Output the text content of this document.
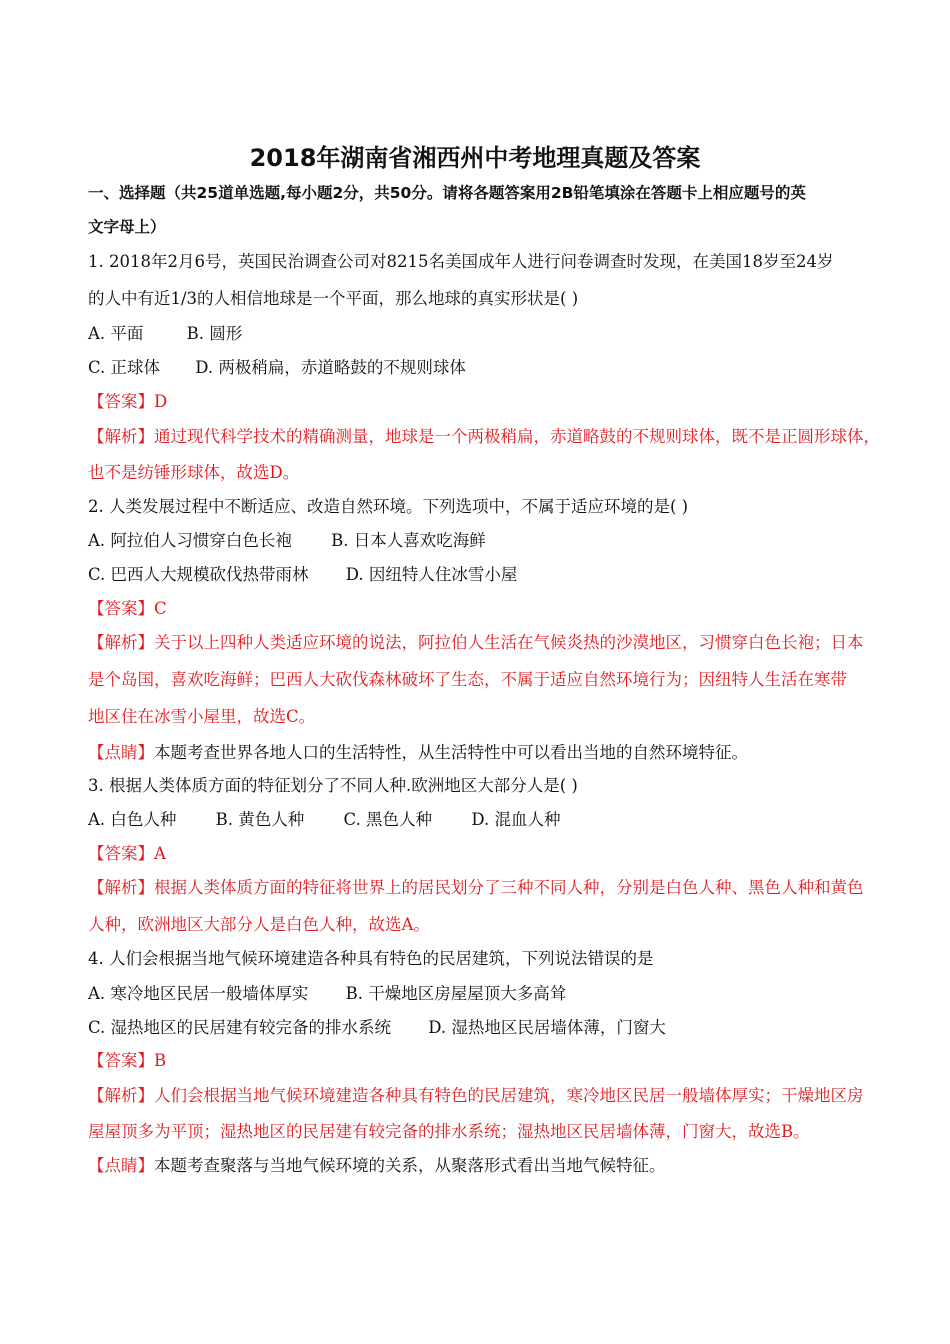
2018年湖南省湘西州中考地理真题及答案
一、选择题（共25道单选题,每小题2分，共50分。请将各题答案用2B铅笔填涂在答题卡上相应题号的英
文字母上）
1. 2018年2月6号，英国民治调查公司对8215名美国成年人进行问卷调查时发现，在美国18岁至24岁
的人中有近1/3的人相信地球是一个平面，那么地球的真实形状是( )
A. 平面	B. 圆形
C. 正球体 D. 两极稍扁，赤道略鼓的不规则球体
【答案】D
【解析】通过现代科学技术的精确测量，地球是一个两极稍扁，赤道略鼓的不规则球体，既不是正圆形球体，
也不是纺锤形球体，故选D。
2. 人类发展过程中不断适应、改造自然环境。下列选项中，不属于适应环境的是( )
A. 阿拉伯人习惯穿白色长袍 B. 日本人喜欢吃海鲜
C. 巴西人大规模砍伐热带雨林 D. 因纽特人住冰雪小屋
【答案】C
【解析】关于以上四种人类适应环境的说法，阿拉伯人生活在气候炎热的沙漠地区，习惯穿白色长袍；日本
是个岛国，喜欢吃海鲜；巴西人大砍伐森林破坏了生态，不属于适应自然环境行为；因纽特人生活在寒带
地区住在冰雪小屋里，故选C。
【点睛】本题考查世界各地人口的生活特性，从生活特性中可以看出当地的自然环境特征。
3. 根据人类体质方面的特征划分了不同人种.欧洲地区大部分人是( )
A. 白色人种 B. 黄色人种 C. 黑色人种 D. 混血人种
【答案】A
【解析】根据人类体质方面的特征将世界上的居民划分了三种不同人种，分别是白色人种、黑色人种和黄色
人种，欧洲地区大部分人是白色人种，故选A。
4. 人们会根据当地气候环境建造各种具有特色的民居建筑，下列说法错误的是
A. 寒冷地区民居一般墙体厚实 B. 干燥地区房屋屋顶大多高耸
C. 湿热地区的民居建有较完备的排水系统 D. 湿热地区民居墙体薄，门窗大
【答案】B
【解析】人们会根据当地气候环境建造各种具有特色的民居建筑，寒冷地区民居一般墙体厚实；干燥地区房
屋屋顶多为平顶；湿热地区的民居建有较完备的排水系统；湿热地区民居墙体薄，门窗大，故选B。
【点睛】本题考查聚落与当地气候环境的关系，从聚落形式看出当地气候特征。
